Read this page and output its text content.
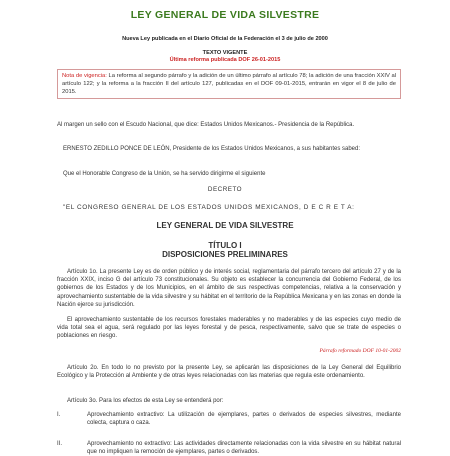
LEY GENERAL DE VIDA SILVESTRE
Nueva Ley publicada en el Diario Oficial de la Federación el 3 de julio de 2000
TEXTO VIGENTE
Última reforma publicada DOF 26-01-2015
Nota de vigencia: La reforma al segundo párrafo y la adición de un último párrafo al artículo 78; la adición de una fracción XXIV al artículo 122; y la reforma a la fracción II del artículo 127, publicadas en el DOF 09-01-2015, entrarán en vigor el 8 de julio de 2015.
Al margen un sello con el Escudo Nacional, que dice: Estados Unidos Mexicanos.- Presidencia de la República.
ERNESTO ZEDILLO PONCE DE LEÓN, Presidente de los Estados Unidos Mexicanos, a sus habitantes sabed:
Que el Honorable Congreso de la Unión, se ha servido dirigirme el siguiente
DECRETO
"EL CONGRESO GENERAL DE LOS ESTADOS UNIDOS MEXICANOS, D E C R E T A:
LEY GENERAL DE VIDA SILVESTRE
TÍTULO I
DISPOSICIONES PRELIMINARES
Artículo 1o. La presente Ley es de orden público y de interés social, reglamentaria del párrafo tercero del artículo 27 y de la fracción XXIX, inciso G del artículo 73 constitucionales. Su objeto es establecer la concurrencia del Gobierno Federal, de los gobiernos de los Estados y de los Municipios, en el ámbito de sus respectivas competencias, relativa a la conservación y aprovechamiento sustentable de la vida silvestre y su hábitat en el territorio de la República Mexicana y en las zonas en donde la Nación ejerce su jurisdicción.
El aprovechamiento sustentable de los recursos forestales maderables y no maderables y de las especies cuyo medio de vida total sea el agua, será regulado por las leyes forestal y de pesca, respectivamente, salvo que se trate de especies o poblaciones en riesgo.
Párrafo reformado DOF 10-01-2002
Artículo 2o. En todo lo no previsto por la presente Ley, se aplicarán las disposiciones de la Ley General del Equilibrio Ecológico y la Protección al Ambiente y de otras leyes relacionadas con las materias que regula este ordenamiento.
Artículo 3o. Para los efectos de esta Ley se entenderá por:
I.	Aprovechamiento extractivo: La utilización de ejemplares, partes o derivados de especies silvestres, mediante colecta, captura o caza.
II.	Aprovechamiento no extractivo: Las actividades directamente relacionadas con la vida silvestre en su hábitat natural que no impliquen la remoción de ejemplares, partes o derivados.
